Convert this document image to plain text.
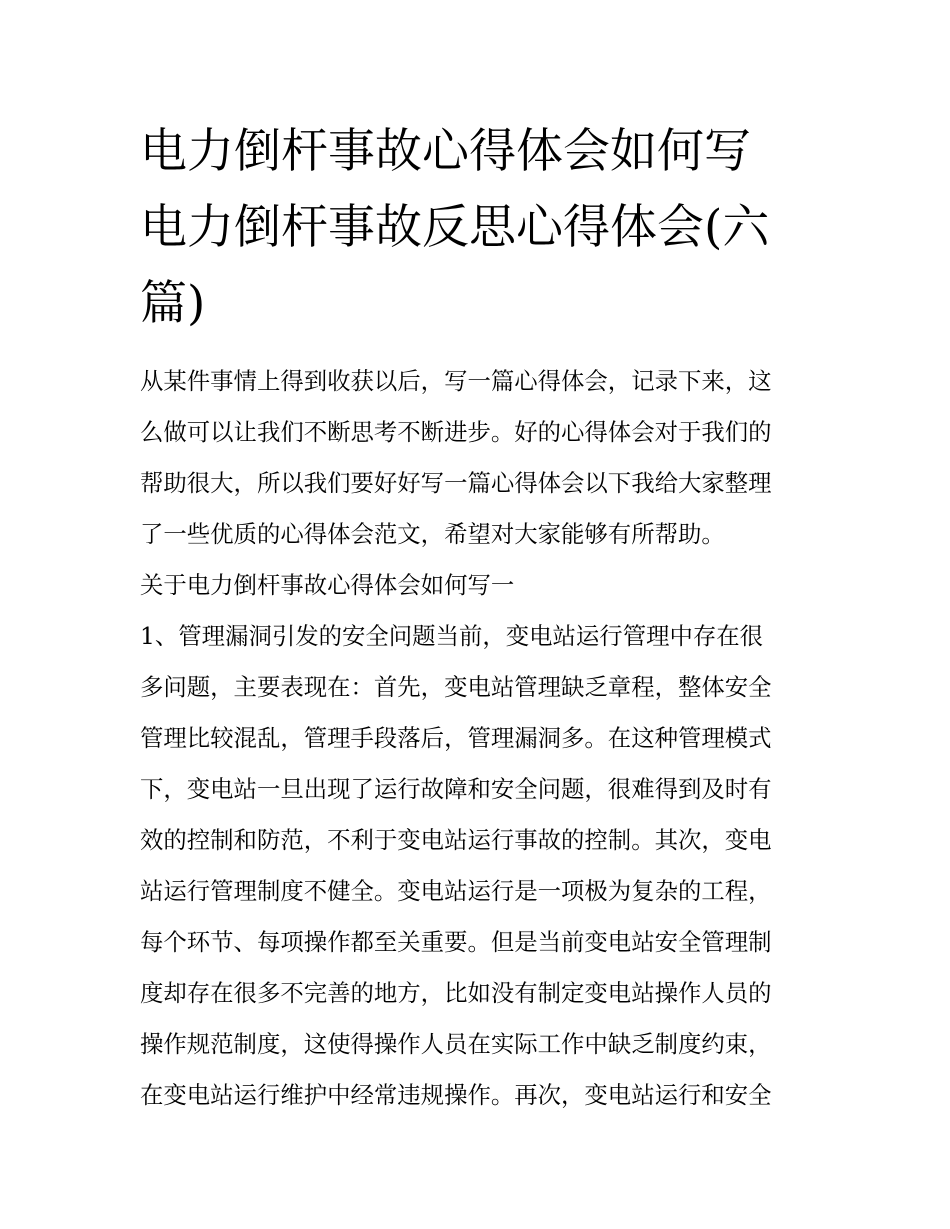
电力倒杆事故心得体会如何写
电力倒杆事故反思心得体会(六
篇)

从某件事情上得到收获以后，写一篇心得体会，记录下来，这
么做可以让我们不断思考不断进步。好的心得体会对于我们的
帮助很大，所以我们要好好写一篇心得体会以下我给大家整理
了一些优质的心得体会范文，希望对大家能够有所帮助。

关于电力倒杆事故心得体会如何写一

1、管理漏洞引发的安全问题当前，变电站运行管理中存在很
多问题，主要表现在：首先，变电站管理缺乏章程，整体安全
管理比较混乱，管理手段落后，管理漏洞多。在这种管理模式
下，变电站一旦出现了运行故障和安全问题，很难得到及时有
效的控制和防范，不利于变电站运行事故的控制。其次，变电
站运行管理制度不健全。变电站运行是一项极为复杂的工程，
每个环节、每项操作都至关重要。但是当前变电站安全管理制
度却存在很多不完善的地方，比如没有制定变电站操作人员的
操作规范制度，这使得操作人员在实际工作中缺乏制度约束，
在变电站运行维护中经常违规操作。再次，变电站运行和安全
